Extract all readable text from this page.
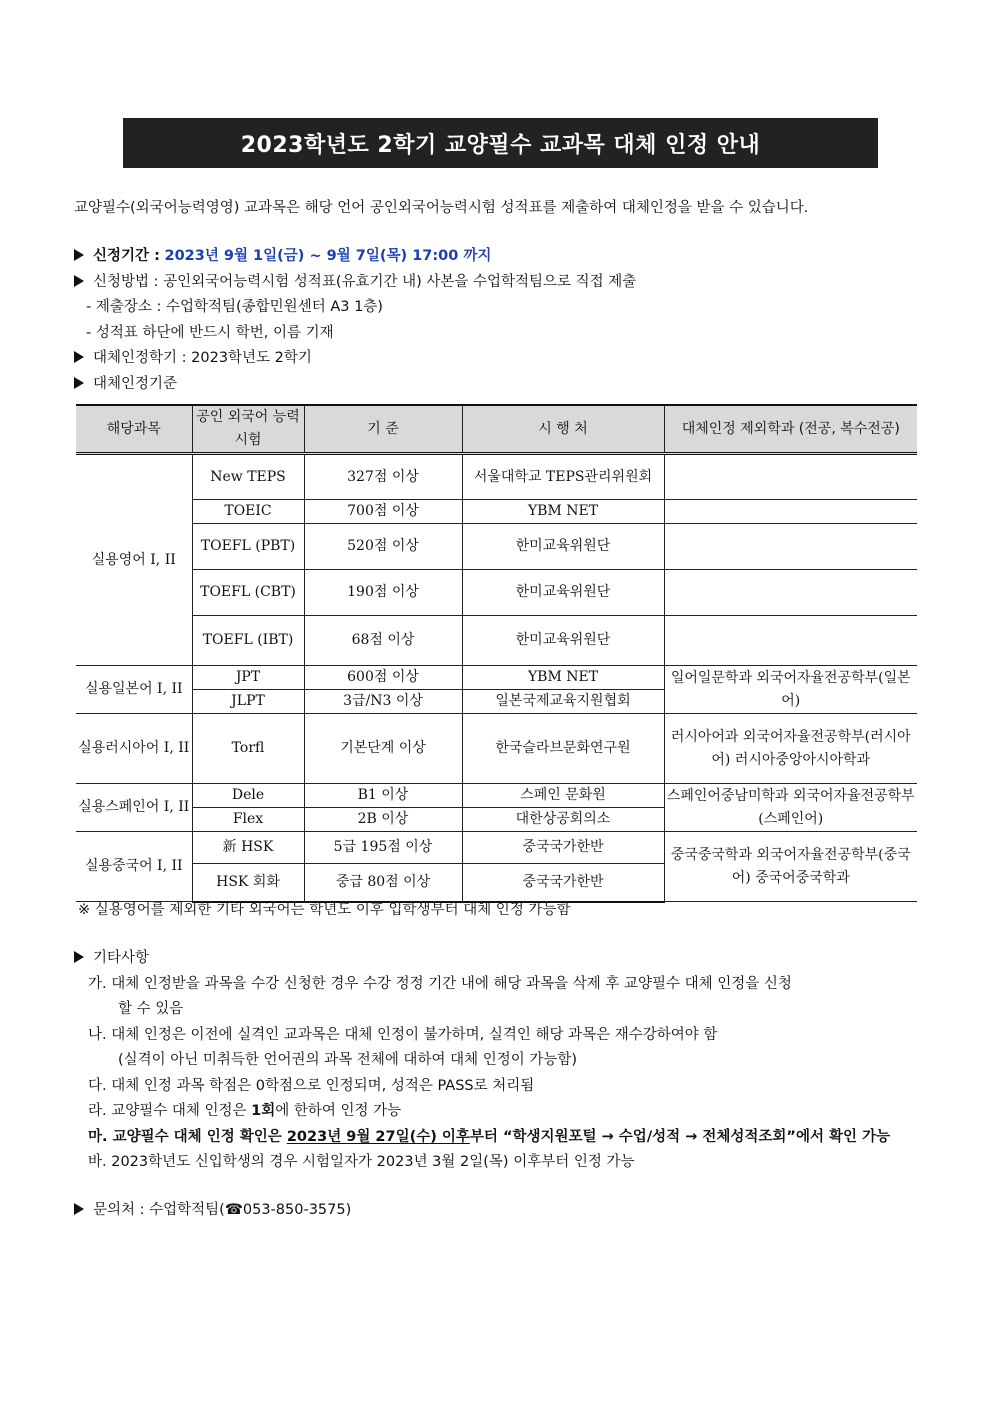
2023학년도 2학기 교양필수 교과목 대체 인정 안내
교양필수(외국어능력영영) 교과목은 해당 언어 공인외국어능력시험 성적표를 제출하여 대체인정을 받을 수 있습니다.
신정기간 : 2023년 9월 1일(금) ~ 9월 7일(목) 17:00 까지
신청방법 : 공인외국어능력시험 성적표(유효기간 내) 사본을 수업학적팀으로 직접 제출
- 제출장소 : 수업학적팀(종합민원센터 A3 1층)
- 성적표 하단에 반드시 학번, 이름 기재
대체인정학기 : 2023학년도 2학기
대체인정기준
해당과목	공인 외국어 능력 시험	기 준	시 행 처	대체인정 제외학과 (전공, 복수전공)
실용영어 I, II	New TEPS	327점 이상	서울대학교 TEPS관리위원회	
	TOEIC	700점 이상	YBM NET	
	TOEFL (PBT)	520점 이상	한미교육위원단	
	TOEFL (CBT)	190점 이상	한미교육위원단	
	TOEFL (IBT)	68점 이상	한미교육위원단	
실용일본어 I, II	JPT	600점 이상	YBM NET	일어일문학과 외국어자율전공학부(일본어)
	JLPT	3급/N3 이상	일본국제교육지원협회	
실용러시아어 I, II	Torfl	기본단계 이상	한국슬라브문화연구원	러시아어과 외국어자율전공학부(러시아어) 러시아중앙아시아학과
실용스페인어 I, II	Dele	B1 이상	스페인 문화원	스페인어중남미학과 외국어자율전공학부(스페인어)
	Flex	2B 이상	대한상공회의소	
실용중국어 I, II	新 HSK	5급 195점 이상	중국국가한반	중국중국학과 외국어자율전공학부(중국어) 중국어중국학과
	HSK 회화	중급 80점 이상	중국국가한반	
※ 실용영어를 제외한 기타 외국어는 학년도 이후 입학생부터 대체 인정 가능함
기타사항
가. 대체 인정받을 과목을 수강 신청한 경우 수강 정정 기간 내에 해당 과목을 삭제 후 교양필수 대체 인정을 신청
할 수 있음
나. 대체 인정은 이전에 실격인 교과목은 대체 인정이 불가하며, 실격인 해당 과목은 재수강하여야 함
(실격이 아닌 미취득한 언어권의 과목 전체에 대하여 대체 인정이 가능함)
다. 대체 인정 과목 학점은 0학점으로 인정되며, 성적은 PASS로 처리됨
라. 교양필수 대체 인정은 1회에 한하여 인정 가능
마. 교양필수 대체 인정 확인은 2023년 9월 27일(수) 이후부터 “학생지원포털 → 수업/성적 → 전체성적조회”에서 확인 가능
바. 2023학년도 신입학생의 경우 시험일자가 2023년 3월 2일(목) 이후부터 인정 가능
문의처 : 수업학적팀(☎053-850-3575)
